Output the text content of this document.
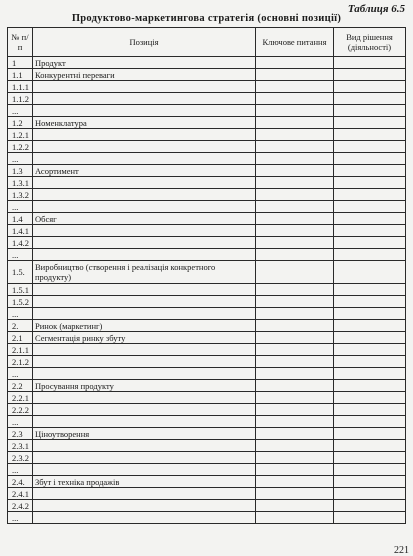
Таблиця 6.5
Продуктово-маркетингова стратегія (основні позиції)
№ п/п	Позиція	Ключове питання	Вид рішення (діяльності)
1	Продукт		
1.1	Конкурентні переваги		
1.1.1			
1.1.2			
...			
1.2	Номенклатура		
1.2.1			
1.2.2			
...			
1.3	Асортимент		
1.3.1			
1.3.2			
...			
1.4	Обсяг		
1.4.1			
1.4.2			
...			
1.5.	Виробництво (створення і реалізація конкретного продукту)		
1.5.1			
1.5.2			
...			
2.	Ринок (маркетинг)		
2.1	Сегментація ринку збуту		
2.1.1			
2.1.2			
...			
2.2	Просування продукту		
2.2.1			
2.2.2			
...			
2.3	Ціноутворення		
2.3.1			
2.3.2			
...			
2.4.	Збут і техніка продажів		
2.4.1			
2.4.2			
...			
221
